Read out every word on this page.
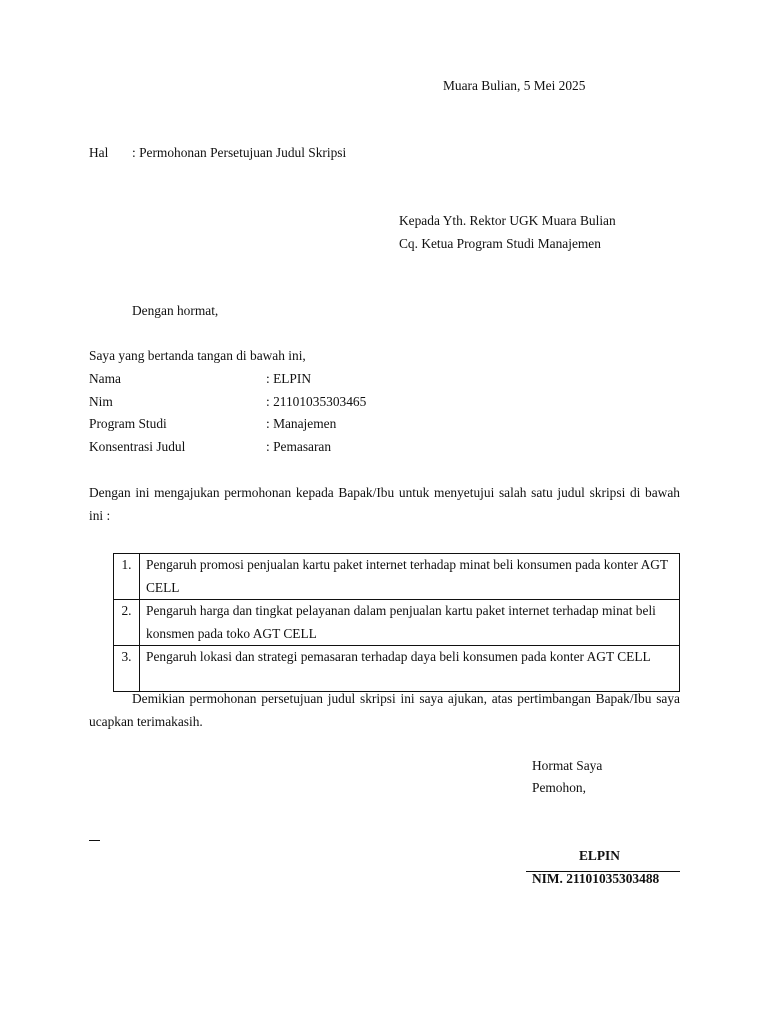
Muara Bulian, 5 Mei 2025
Hal : Permohonan Persetujuan Judul Skripsi
Kepada Yth. Rektor UGK Muara Bulian
Cq. Ketua Program Studi Manajemen
Dengan hormat,
Saya yang bertanda tangan di bawah ini,
Nama	: ELPIN
Nim	: 21101035303465
Program Studi	: Manajemen
Konsentrasi Judul	: Pemasaran
Dengan ini mengajukan permohonan kepada Bapak/Ibu untuk menyetujui salah satu judul skripsi di bawah ini :
1.	Pengaruh promosi penjualan kartu paket internet terhadap minat beli konsumen pada konter AGT CELL
2.	Pengaruh harga dan tingkat pelayanan dalam penjualan kartu paket internet terhadap minat beli konsmen pada toko AGT CELL
3.	Pengaruh lokasi dan strategi pemasaran terhadap daya beli konsumen pada konter AGT CELL
Demikian permohonan persetujuan judul skripsi ini saya ajukan, atas pertimbangan Bapak/Ibu saya ucapkan terimakasih.
Hormat Saya
Pemohon,
ELPIN
NIM. 21101035303488
